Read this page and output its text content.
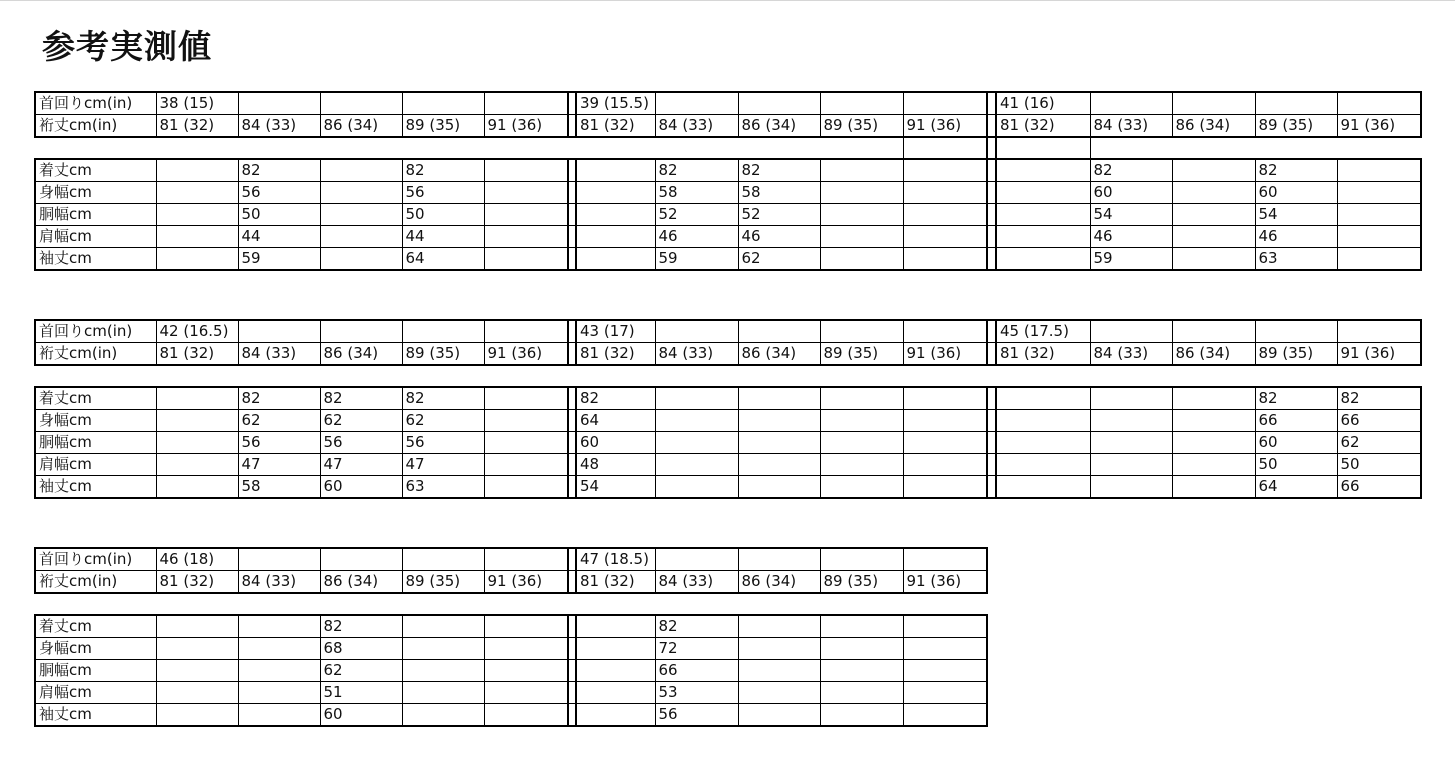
参考実測値
首回りcm(in)	38 (15)						39 (15.5)						41 (16)				
裄丈cm(in)	81 (32)	84 (33)	86 (34)	89 (35)	91 (36)		81 (32)	84 (33)	86 (34)	89 (35)	91 (36)		81 (32)	84 (33)	86 (34)	89 (35)	91 (36)

着丈cm		82		82				82	82					82		82	
身幅cm		56		56				58	58					60		60	
胴幅cm		50		50				52	52					54		54	
肩幅cm		44		44				46	46					46		46	
袖丈cm		59		64				59	62					59		63	
首回りcm(in)	42 (16.5)						43 (17)						45 (17.5)				
裄丈cm(in)	81 (32)	84 (33)	86 (34)	89 (35)	91 (36)		81 (32)	84 (33)	86 (34)	89 (35)	91 (36)		81 (32)	84 (33)	86 (34)	89 (35)	91 (36)

着丈cm		82	82	82			82									82	82
身幅cm		62	62	62			64									66	66
胴幅cm		56	56	56			60									60	62
肩幅cm		47	47	47			48									50	50
袖丈cm		58	60	63			54									64	66
首回りcm(in)	46 (18)						47 (18.5)				
裄丈cm(in)	81 (32)	84 (33)	86 (34)	89 (35)	91 (36)		81 (32)	84 (33)	86 (34)	89 (35)	91 (36)

着丈cm			82					82			
身幅cm			68					72			
胴幅cm			62					66			
肩幅cm			51					53			
袖丈cm			60					56			
